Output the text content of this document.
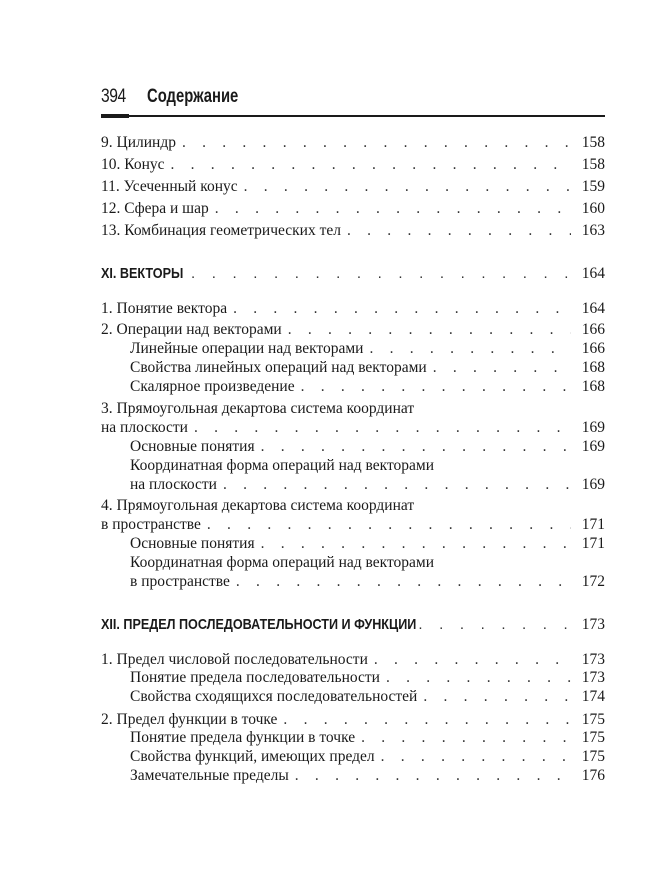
394 Содержание
9. Цилиндр . . .	158
10. Конус . . .	158
11. Усеченный конус . . .	159
12. Сфера и шар . . .	160
13. Комбинация геометрических тел . . .	163
XI. ВЕКТОРЫ . . .	164
1. Понятие вектора . . .	164
2. Операции над векторами . . .	166
Линейные операции над векторами . . .	166
Свойства линейных операций над векторами . . .	168
Скалярное произведение . . .	168
3. Прямоугольная декартова система координат
на плоскости . . .	169
Основные понятия . . .	169
Координатная форма операций над векторами
на плоскости . . .	169
4. Прямоугольная декартова система координат
в пространстве . . .	171
Основные понятия . . .	171
Координатная форма операций над векторами
в пространстве . . .	172
XII. ПРЕДЕЛ ПОСЛЕДОВАТЕЛЬНОСТИ И ФУНКЦИИ . . .	173
1. Предел числовой последовательности . . .	173
Понятие предела последовательности . . .	173
Свойства сходящихся последовательностей . . .	174
2. Предел функции в точке . . .	175
Понятие предела функции в точке . . .	175
Свойства функций, имеющих предел . . .	175
Замечательные пределы . . .	176
